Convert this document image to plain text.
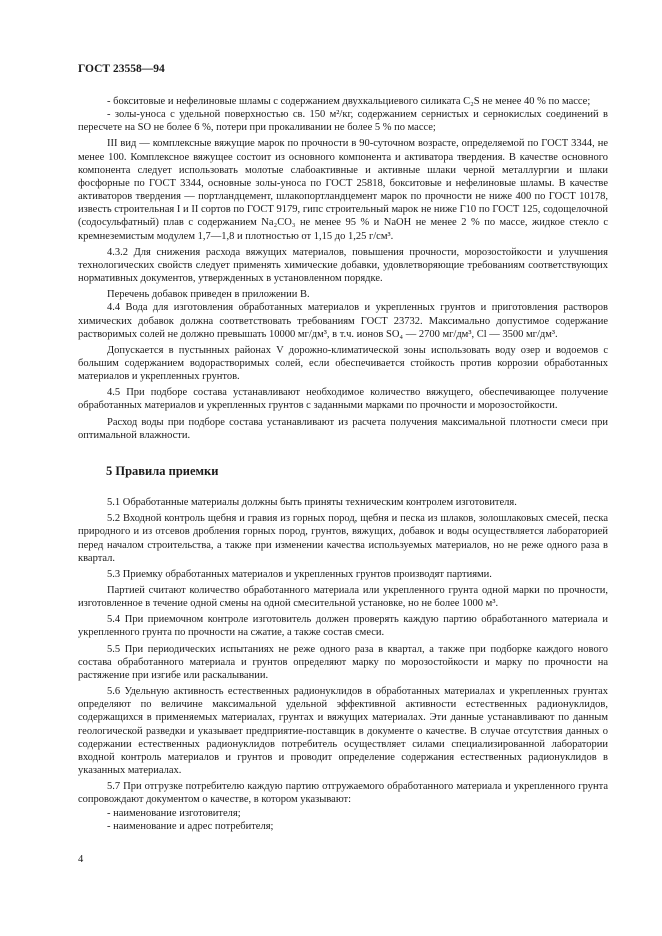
ГОСТ 23558—94

- бокситовые и нефелиновые шламы с содержанием двухкальциевого силиката C₂S не менее 40 % по массе;

- золы-уноса с удельной поверхностью св. 150 м²/кг, содержанием сернистых и сернокислых соединений в пересчете на SO не более 6 %, потери при прокаливании не более 5 % по массе;

III вид — комплексные вяжущие марок по прочности в 90-суточном возрасте, определяемой по ГОСТ 3344, не менее 100. Комплексное вяжущее состоит из основного компонента и активатора твердения. В качестве основного компонента следует использовать молотые слабоактивные и активные шлаки черной металлургии и шлаки фосфорные по ГОСТ 3344, основные золы-уноса по ГОСТ 25818, бокситовые и нефелиновые шламы. В качестве активаторов твердения — портландцемент, шлакопортландцемент марок по прочности не ниже 400 по ГОСТ 10178, известь строительная I и II сортов по ГОСТ 9179, гипс строительный марок не ниже Г10 по ГОСТ 125, содощелочной (содосульфатный) плав с содержанием Na₂CO₃ не менее 95 % и NaOH не менее 2 % по массе, жидкое стекло с кремнеземистым модулем 1,7—1,8 и плотностью от 1,15 до 1,25 г/см³.

4.3.2 Для снижения расхода вяжущих материалов, повышения прочности, морозостойкости и улучшения технологических свойств следует применять химические добавки, удовлетворяющие требованиям соответствующих нормативных документов, утвержденных в установленном порядке.

Перечень добавок приведен в приложении В.

4.4 Вода для изготовления обработанных материалов и укрепленных грунтов и приготовления растворов химических добавок должна соответствовать требованиям ГОСТ 23732. Максимально допустимое содержание растворимых солей не должно превышать 10000 мг/дм³, в т.ч. ионов SO₄ — 2700 мг/дм³, Cl — 3500 мг/дм³.

Допускается в пустынных районах V дорожно-климатической зоны использовать воду озер и водоемов с большим содержанием водорастворимых солей, если обеспечивается стойкость против коррозии обработанных материалов и укрепленных грунтов.

4.5 При подборе состава устанавливают необходимое количество вяжущего, обеспечивающее получение обработанных материалов и укрепленных грунтов с заданными марками по прочности и морозостойкости.

Расход воды при подборе состава устанавливают из расчета получения максимальной плотности смеси при оптимальной влажности.

5 Правила приемки

5.1 Обработанные материалы должны быть приняты техническим контролем изготовителя.

5.2 Входной контроль щебня и гравия из горных пород, щебня и песка из шлаков, золошлаковых смесей, песка природного и из отсевов дробления горных пород, грунтов, вяжущих, добавок и воды осуществляется лабораторией перед началом строительства, а также при изменении качества используемых материалов, но не реже одного раза в квартал.

5.3 Приемку обработанных материалов и укрепленных грунтов производят партиями.

Партией считают количество обработанного материала или укрепленного грунта одной марки по прочности, изготовленное в течение одной смены на одной смесительной установке, но не более 1000 м³.

5.4 При приемочном контроле изготовитель должен проверять каждую партию обработанного материала и укрепленного грунта по прочности на сжатие, а также состав смеси.

5.5 При периодических испытаниях не реже одного раза в квартал, а также при подборке каждого нового состава обработанного материала и грунтов определяют марку по морозостойкости и марку по прочности на растяжение при изгибе или раскалывании.

5.6 Удельную активность естественных радионуклидов в обработанных материалах и укрепленных грунтах определяют по величине максимальной удельной эффективной активности естественных радионуклидов, содержащихся в применяемых материалах, грунтах и вяжущих материалах. Эти данные устанавливают по данным геологической разведки и указывает предприятие-поставщик в документе о качестве. В случае отсутствия данных о содержании естественных радионуклидов потребитель осуществляет силами специализированной лаборатории входной контроль материалов и грунтов и проводит определение содержания естественных радионуклидов в указанных материалах.

5.7 При отгрузке потребителю каждую партию отгружаемого обработанного материала и укрепленного грунта сопровождают документом о качестве, в котором указывают:

- наименование изготовителя;

- наименование и адрес потребителя;

4
